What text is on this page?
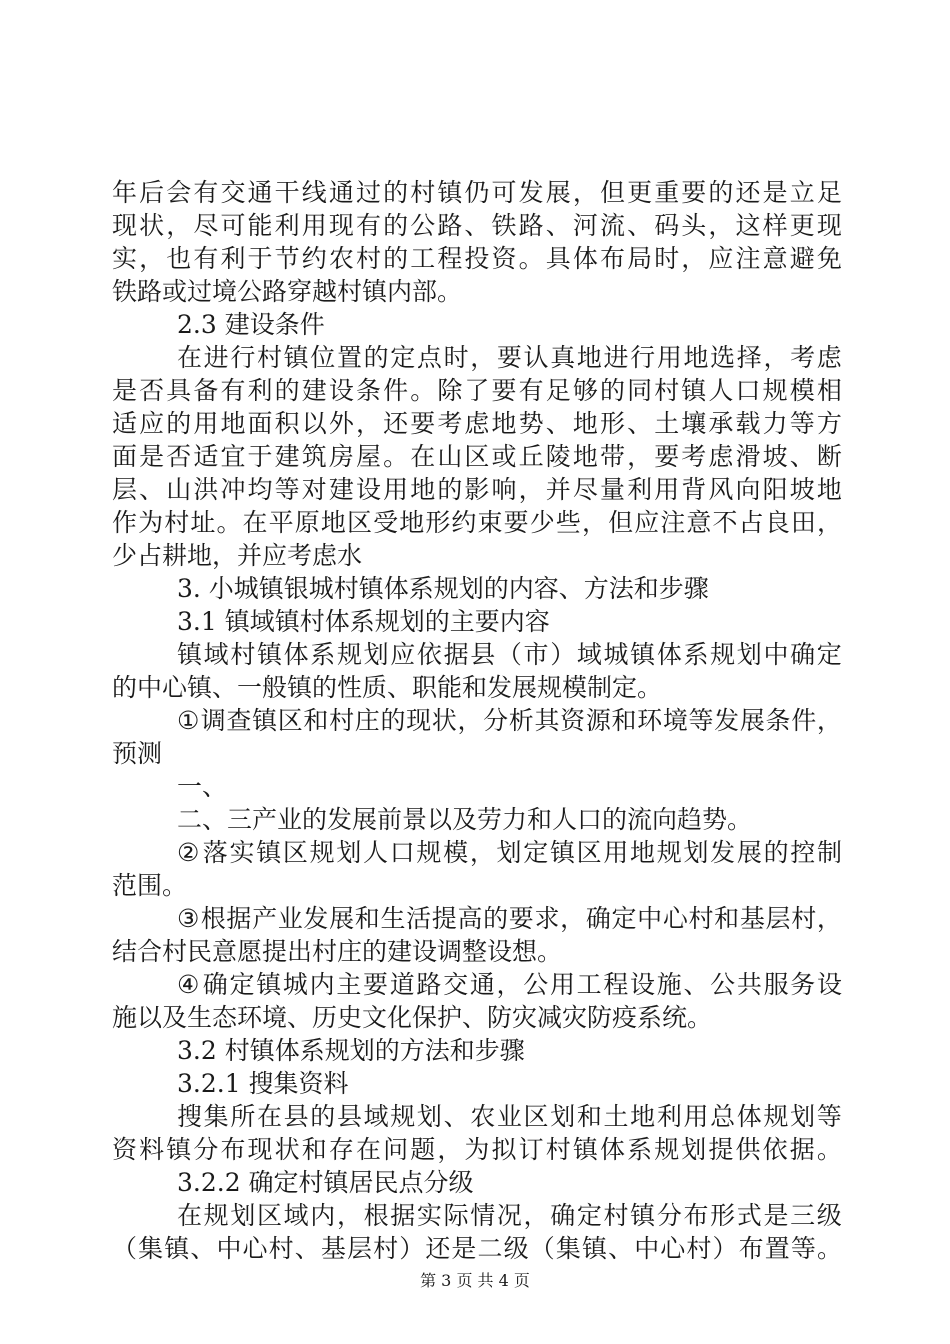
年 后 会 有 交 通 干 线 通 过 的 村 镇 仍 可 发 展 ， 但 更 重 要 的 还 是 立 足
现 状 ， 尽 可 能 利 用 现 有 的 公 路 、 铁 路 、 河 流 、 码 头 ， 这 样 更 现
实 ， 也 有 利 于 节 约 农 村 的 工 程 投 资 。 具 体 布 局 时 ， 应 注 意 避 免
铁路或过境公路穿越村镇内部。
2.3 建设条件
在 进 行 村 镇 位 置 的 定 点 时 ， 要 认 真 地 进 行 用 地 选 择 ， 考 虑
是 否 具 备 有 利 的 建 设 条 件 。 除 了 要 有 足 够 的 同 村 镇 人 口 规 模 相
适 应 的 用 地 面 积 以 外 ， 还 要 考 虑 地 势 、 地 形 、 土 壤 承 载 力 等 方
面 是 否 适 宜 于 建 筑 房 屋 。 在 山 区 或 丘 陵 地 带 ， 要 考 虑 滑 坡 、 断
层 、 山 洪 冲 均 等 对 建 设 用 地 的 影 响 ， 并 尽 量 利 用 背 风 向 阳 坡 地
作 为 村 址 。 在 平 原 地 区 受 地 形 约 束 要 少 些 ， 但 应 注 意 不 占 良 田 ，
少占耕地，并应考虑水
3. 小城镇银城村镇体系规划的内容、方法和步骤
3.1 镇域镇村体系规划的主要内容
镇 域 村 镇 体 系 规 划 应 依 据 县 （ 市 ） 域 城 镇 体 系 规 划 中 确 定
的中心镇、一般镇的性质、职能和发展规模制定。
① 调 查 镇 区 和 村 庄 的 现 状 ， 分 析 其 资 源 和 环 境 等 发 展 条 件 ，
预测
一、
二、三产业的发展前景以及劳力和人口的流向趋势。
② 落 实 镇 区 规 划 人 口 规 模 ， 划 定 镇 区 用 地 规 划 发 展 的 控 制
范围。
③ 根 据 产 业 发 展 和 生 活 提 高 的 要 求 ， 确 定 中 心 村 和 基 层 村 ，
结合村民意愿提出村庄的建设调整设想。
④ 确 定 镇 城 内 主 要 道 路 交 通 ， 公 用 工 程 设 施 、 公 共 服 务 设
施以及生态环境、历史文化保护、防灾减灾防疫系统。
3.2 村镇体系规划的方法和步骤
3.2.1 搜集资料
搜 集 所 在 县 的 县 域 规 划 、 农 业 区 划 和 土 地 利 用 总 体 规 划 等
资 料 镇 分 布 现 状 和 存 在 问 题 ， 为 拟 订 村 镇 体 系 规 划 提 供 依 据 。
3.2.2 确定村镇居民点分级
在 规 划 区 域 内 ， 根 据 实 际 情 况 ， 确 定 村 镇 分 布 形 式 是 三 级
（ 集 镇 、 中 心 村 、 基 层 村 ） 还 是 二 级 （ 集 镇 、 中 心 村 ） 布 置 等 。
第 3 页 共 4 页
